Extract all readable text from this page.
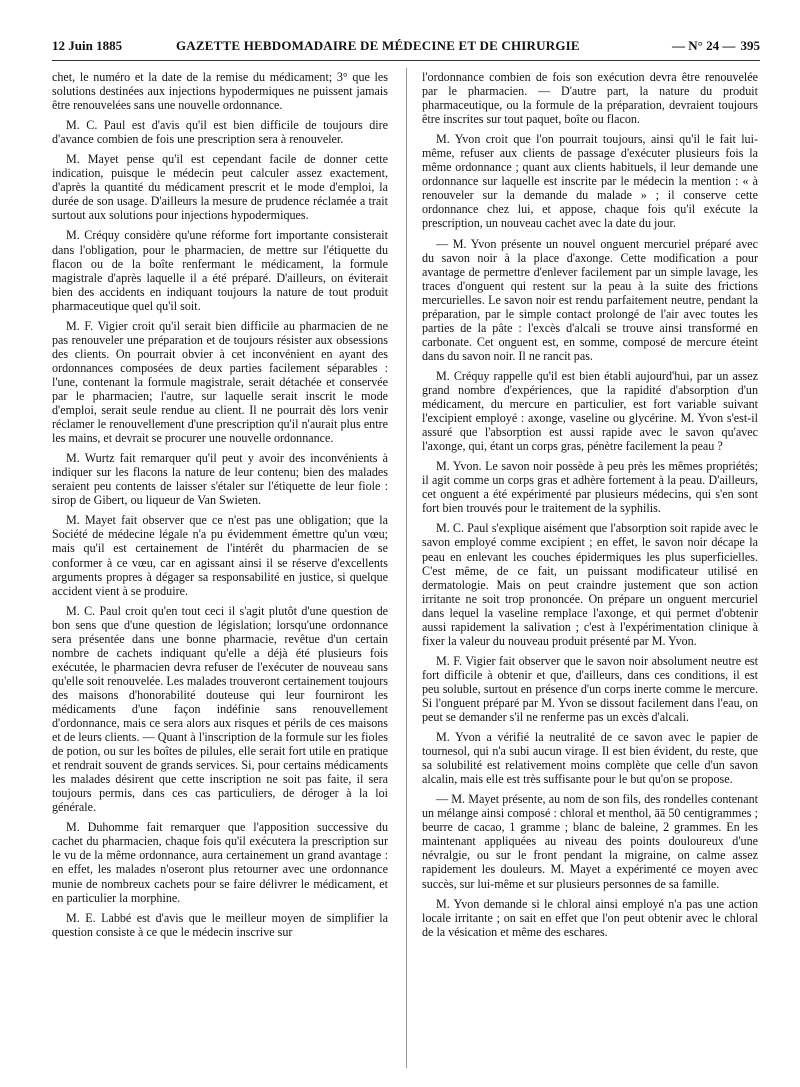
12 Juin 1885	GAZETTE HEBDOMADAIRE DE MÉDECINE ET DE CHIRURGIE	— N° 24 — 395

chet, le numéro et la date de la remise du médicament; 3° que les solutions destinées aux injections hypodermiques ne puissent jamais être renouvelées sans une nouvelle ordonnance.

M. C. Paul est d'avis qu'il est bien difficile de toujours dire d'avance combien de fois une prescription sera à renouveler.

M. Mayet pense qu'il est cependant facile de donner cette indication, puisque le médecin peut calculer assez exactement, d'après la quantité du médicament prescrit et le mode d'emploi, la durée de son usage. D'ailleurs la mesure de prudence réclamée a trait surtout aux solutions pour injections hypodermiques.

M. Créquy considère qu'une réforme fort importante consisterait dans l'obligation, pour le pharmacien, de mettre sur l'étiquette du flacon ou de la boîte renfermant le médicament, la formule magistrale d'après laquelle il a été préparé. D'ailleurs, on éviterait bien des accidents en indiquant toujours la nature de tout produit pharmaceutique quel qu'il soit.

M. F. Vigier croit qu'il serait bien difficile au pharmacien de ne pas renouveler une préparation et de toujours résister aux obsessions des clients. On pourrait obvier à cet inconvénient en ayant des ordonnances composées de deux parties facilement séparables : l'une, contenant la formule magistrale, serait détachée et conservée par le pharmacien; l'autre, sur laquelle serait inscrit le mode d'emploi, serait seule rendue au client. Il ne pourrait dès lors venir réclamer le renouvellement d'une prescription qu'il n'aurait plus entre les mains, et devrait se procurer une nouvelle ordonnance.

M. Wurtz fait remarquer qu'il peut y avoir des inconvénients à indiquer sur les flacons la nature de leur contenu; bien des malades seraient peu contents de laisser s'étaler sur l'étiquette de leur fiole : sirop de Gibert, ou liqueur de Van Swieten.

M. Mayet fait observer que ce n'est pas une obligation; que la Société de médecine légale n'a pu évidemment émettre qu'un vœu; mais qu'il est certainement de l'intérêt du pharmacien de se conformer à ce vœu, car en agissant ainsi il se réserve d'excellents arguments propres à dégager sa responsabilité en justice, si quelque accident vient à se produire.

M. C. Paul croit qu'en tout ceci il s'agit plutôt d'une question de bon sens que d'une question de législation; lorsqu'une ordonnance sera présentée dans une bonne pharmacie, revêtue d'un certain nombre de cachets indiquant qu'elle a déjà été plusieurs fois exécutée, le pharmacien devra refuser de l'exécuter de nouveau sans qu'elle soit renouvelée. Les malades trouveront certainement toujours des maisons d'honorabilité douteuse qui leur fourniront les médicaments d'une façon indéfinie sans renouvellement d'ordonnance, mais ce sera alors aux risques et périls de ces maisons et de leurs clients. — Quant à l'inscription de la formule sur les fioles de potion, ou sur les boîtes de pilules, elle serait fort utile en pratique et rendrait souvent de grands services. Si, pour certains médicaments les malades désirent que cette inscription ne soit pas faite, il sera toujours permis, dans ces cas particuliers, de déroger à la loi générale.

M. Duhomme fait remarquer que l'apposition successive du cachet du pharmacien, chaque fois qu'il exécutera la prescription sur le vu de la même ordonnance, aura certainement un grand avantage : en effet, les malades n'oseront plus retourner avec une ordonnance munie de nombreux cachets pour se faire délivrer le médicament, et en particulier la morphine.

M. E. Labbé est d'avis que le meilleur moyen de simplifier la question consiste à ce que le médecin inscrive sur

l'ordonnance combien de fois son exécution devra être renouvelée par le pharmacien. — D'autre part, la nature du produit pharmaceutique, ou la formule de la préparation, devraient toujours être inscrites sur tout paquet, boîte ou flacon.

M. Yvon croit que l'on pourrait toujours, ainsi qu'il le fait lui-même, refuser aux clients de passage d'exécuter plusieurs fois la même ordonnance ; quant aux clients habituels, il leur demande une ordonnance sur laquelle est inscrite par le médecin la mention : « à renouveler sur la demande du malade » ; il conserve cette ordonnance chez lui, et appose, chaque fois qu'il exécute la prescription, un nouveau cachet avec la date du jour.

— M. Yvon présente un nouvel onguent mercuriel préparé avec du savon noir à la place d'axonge. Cette modification a pour avantage de permettre d'enlever facilement par un simple lavage, les traces d'onguent qui restent sur la peau à la suite des frictions mercurielles. Le savon noir est rendu parfaitement neutre, pendant la préparation, par le simple contact prolongé de l'air avec toutes les parties de la pâte : l'excès d'alcali se trouve ainsi transformé en carbonate. Cet onguent est, en somme, composé de mercure éteint dans du savon noir. Il ne rancit pas.

M. Créquy rappelle qu'il est bien établi aujourd'hui, par un assez grand nombre d'expériences, que la rapidité d'absorption d'un médicament, du mercure en particulier, est fort variable suivant l'excipient employé : axonge, vaseline ou glycérine. M. Yvon s'est-il assuré que l'absorption est aussi rapide avec le savon qu'avec l'axonge, qui, étant un corps gras, pénètre facilement la peau ?

M. Yvon. Le savon noir possède à peu près les mêmes propriétés; il agit comme un corps gras et adhère fortement à la peau. D'ailleurs, cet onguent a été expérimenté par plusieurs médecins, qui s'en sont fort bien trouvés pour le traitement de la syphilis.

M. C. Paul s'explique aisément que l'absorption soit rapide avec le savon employé comme excipient ; en effet, le savon noir décape la peau en enlevant les couches épidermiques les plus superficielles. C'est même, de ce fait, un puissant modificateur utilisé en dermatologie. Mais on peut craindre justement que son action irritante ne soit trop prononcée. On prépare un onguent mercuriel dans lequel la vaseline remplace l'axonge, et qui permet d'obtenir aussi rapidement la salivation ; c'est à l'expérimentation clinique à fixer la valeur du nouveau produit présenté par M. Yvon.

M. F. Vigier fait observer que le savon noir absolument neutre est fort difficile à obtenir et que, d'ailleurs, dans ces conditions, il est peu soluble, surtout en présence d'un corps inerte comme le mercure. Si l'onguent préparé par M. Yvon se dissout facilement dans l'eau, on peut se demander s'il ne renferme pas un excès d'alcali.

M. Yvon a vérifié la neutralité de ce savon avec le papier de tournesol, qui n'a subi aucun virage. Il est bien évident, du reste, que sa solubilité est relativement moins complète que celle d'un savon alcalin, mais elle est très suffisante pour le but qu'on se propose.

— M. Mayet présente, au nom de son fils, des rondelles contenant un mélange ainsi composé : chloral et menthol, āā 50 centigrammes ; beurre de cacao, 1 gramme ; blanc de baleine, 2 grammes. En les maintenant appliquées au niveau des points douloureux d'une névralgie, ou sur le front pendant la migraine, on calme assez rapidement les douleurs. M. Mayet a expérimenté ce moyen avec succès, sur lui-même et sur plusieurs personnes de sa famille.

M. Yvon demande si le chloral ainsi employé n'a pas une action locale irritante ; on sait en effet que l'on peut obtenir avec le chloral de la vésication et même des eschares.
